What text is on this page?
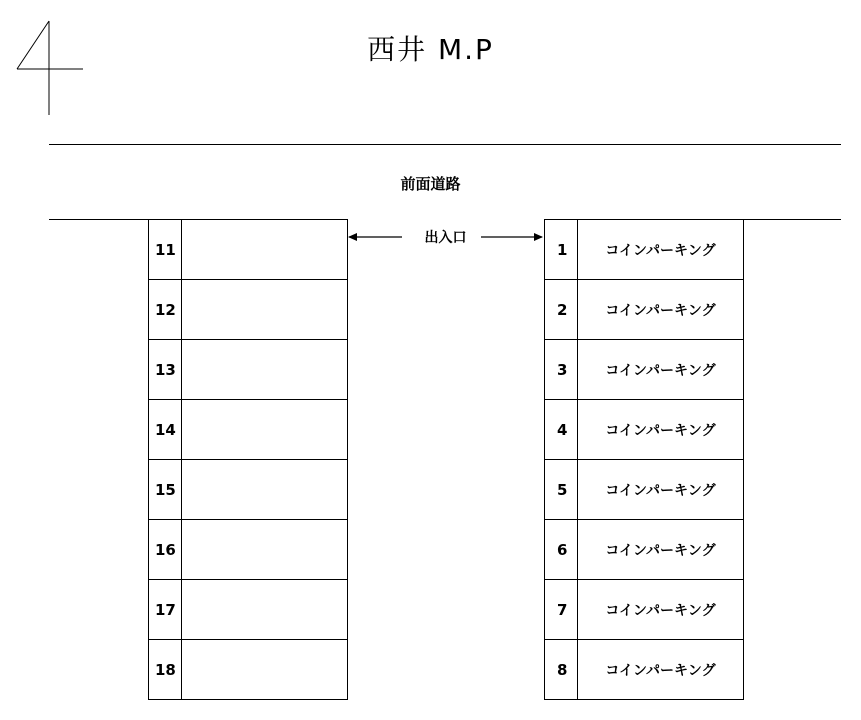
西井 M.P
前面道路
出入口
11
12
13
14
15
16
17
18
1	コインパーキング
2	コインパーキング
3	コインパーキング
4	コインパーキング
5	コインパーキング
6	コインパーキング
7	コインパーキング
8	コインパーキング
